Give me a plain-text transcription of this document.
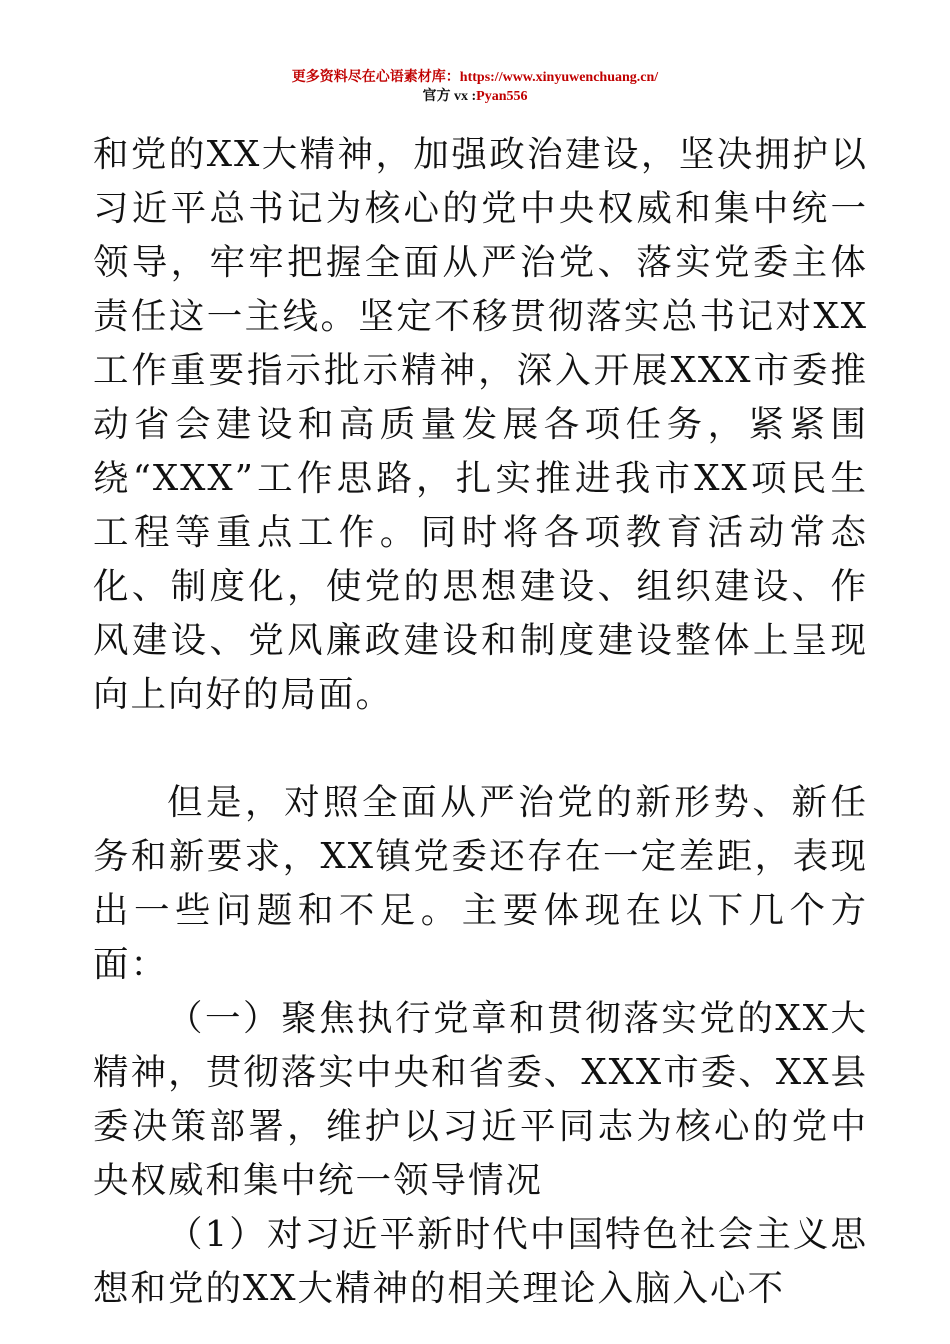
更多资料尽在心语素材库：https://www.xinyuwenchuang.cn/
官方 vx :Pyan556

和党的XX大精神，加强政治建设，坚决拥护以习近平总书记为核心的党中央权威和集中统一领导，牢牢把握全面从严治党、落实党委主体责任这一主线。坚定不移贯彻落实总书记对XX工作重要指示批示精神，深入开展XXX市委推动省会建设和高质量发展各项任务，紧紧围绕“XXX”工作思路，扎实推进我市XX项民生工程等重点工作。同时将各项教育活动常态化、制度化，使党的思想建设、组织建设、作风建设、党风廉政建设和制度建设整体上呈现向上向好的局面。

但是，对照全面从严治党的新形势、新任务和新要求，XX镇党委还存在一定差距，表现出一些问题和不足。主要体现在以下几个方面：

（一）聚焦执行党章和贯彻落实党的XX大精神，贯彻落实中央和省委、XXX市委、XX县委决策部署，维护以习近平同志为核心的党中央权威和集中统一领导情况

（1）对习近平新时代中国特色社会主义思想和党的XX大精神的相关理论入脑入心不
